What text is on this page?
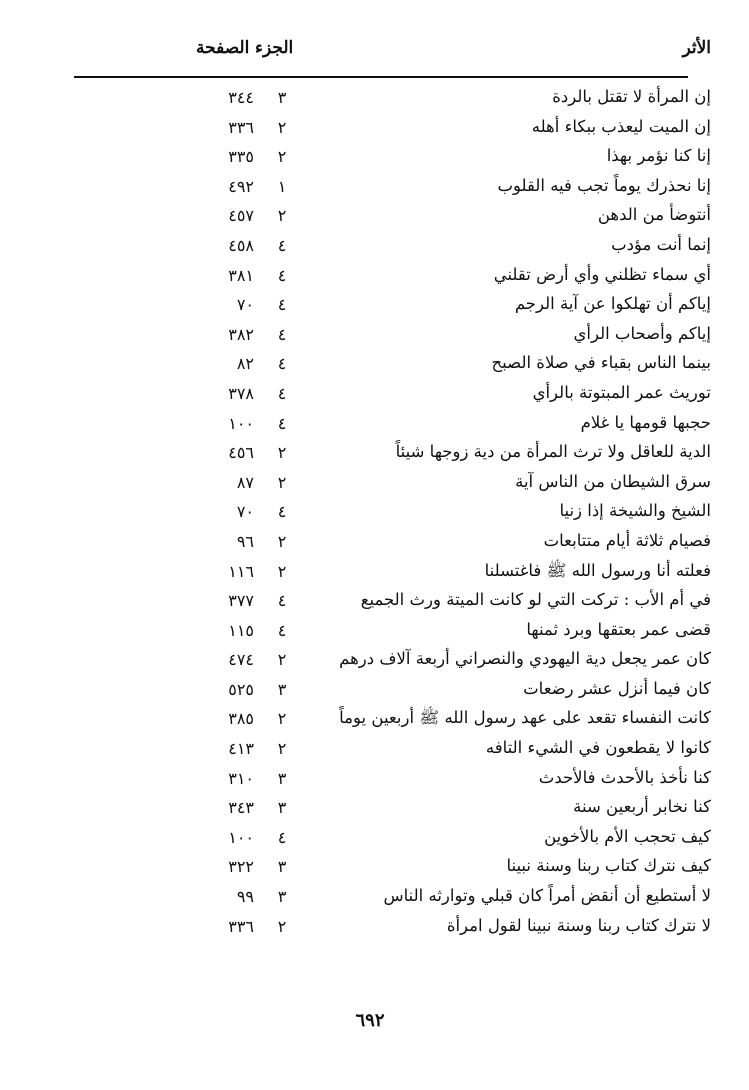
الأثر
الجزء
الصفحة
إن المرأة لا تقتل بالردة
٣
٣٤٤
إن الميت ليعذب ببكاء أهله
٢
٣٣٦
إنا كنا نؤمر بهذا
٢
٣٣٥
إنا نحذرك يوماً تجب فيه القلوب
١
٤٩٢
أنتوضأ من الدهن
٢
٤٥٧
إنما أنت مؤدب
٤
٤٥٨
أي سماء تظلني وأي أرض تقلني
٤
٣٨١
إياكم أن تهلكوا عن آية الرجم
٤
٧٠
إياكم وأصحاب الرأي
٤
٣٨٢
بينما الناس بقباء في صلاة الصبح
٤
٨٢
توريث عمر المبتوتة بالرأي
٤
٣٧٨
حجبها قومها يا غلام
٤
١٠٠
الدية للعاقل ولا ترث المرأة من دية زوجها شيئاً
٢
٤٥٦
سرق الشيطان من الناس آية
٢
٨٧
الشيخ والشيخة إذا زنيا
٤
٧٠
فصيام ثلاثة أيام متتابعات
٢
٩٦
فعلته أنا ورسول الله ﷺ فاغتسلنا
٢
١١٦
في أم الأب : تركت التي لو كانت الميتة ورث الجميع
٤
٣٧٧
قضى عمر بعتقها وبرد ثمنها
٤
١١٥
كان عمر يجعل دية اليهودي والنصراني أربعة آلاف درهم
٢
٤٧٤
كان فيما أنزل عشر رضعات
٣
٥٢٥
كانت النفساء تقعد على عهد رسول الله ﷺ أربعين يوماً
٢
٣٨٥
كانوا لا يقطعون في الشيء التافه
٢
٤١٣
كنا نأخذ بالأحدث فالأحدث
٣
٣١٠
كنا نخابر أربعين سنة
٣
٣٤٣
كيف تحجب الأم بالأخوين
٤
١٠٠
كيف نترك كتاب ربنا وسنة نبينا
٣
٣٢٢
لا أستطيع أن أنقض أمراً كان قبلي وتوارثه الناس
٣
٩٩
لا نترك كتاب ربنا وسنة نبينا لقول امرأة
٢
٣٣٦
٦٩٢
